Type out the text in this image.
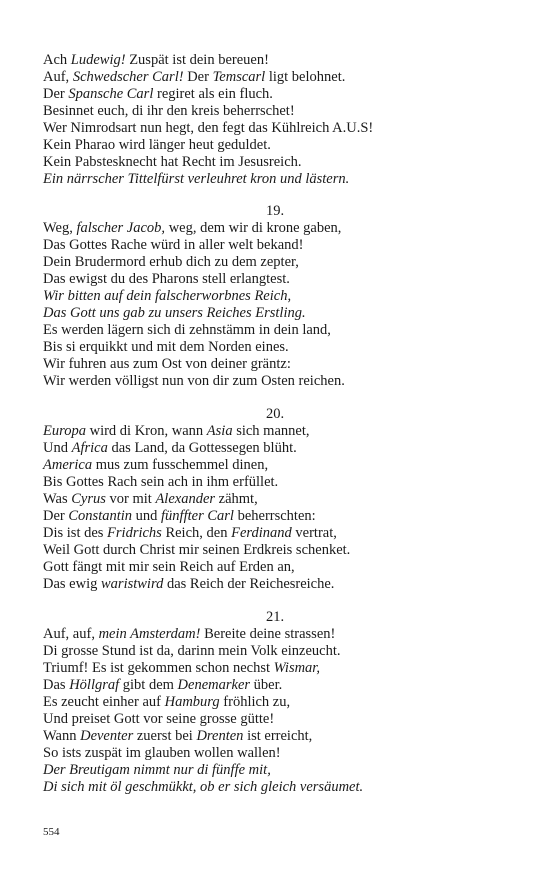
Ach Ludewig! Zuspät ist dein bereuen!
Auf, Schwedscher Carl! Der Temscarl ligt belohnet.
Der Spansche Carl regiret als ein fluch.
Besinnet euch, di ihr den kreis beherrschet!
Wer Nimrodsart nun hegt, den fegt das Kühlreich A.U.S!
Kein Pharao wird länger heut geduldet.
Kein Pabstesknecht hat Recht im Jesusreich.
Ein närrscher Tittelfürst verleuhret kron und lästern.
19.
Weg, falscher Jacob, weg, dem wir di krone gaben,
Das Gottes Rache würd in aller welt bekand!
Dein Brudermord erhub dich zu dem zepter,
Das ewigst du des Pharons stell erlangtest.
Wir bitten auf dein falscherworbnes Reich,
Das Gott uns gab zu unsers Reiches Erstling.
Es werden lägern sich di zehnstämm in dein land,
Bis si erquikkt und mit dem Norden eines.
Wir fuhren aus zum Ost von deiner gräntz:
Wir werden völligst nun von dir zum Osten reichen.
20.
Europa wird di Kron, wann Asia sich mannet,
Und Africa das Land, da Gottessegen blüht.
America mus zum fusschemmel dinen,
Bis Gottes Rach sein ach in ihm erfüllet.
Was Cyrus vor mit Alexander zähmt,
Der Constantin und fünffter Carl beherrschten:
Dis ist des Fridrichs Reich, den Ferdinand vertrat,
Weil Gott durch Christ mir seinen Erdkreis schenket.
Gott fängt mit mir sein Reich auf Erden an,
Das ewig waristwird das Reich der Reichesreiche.
21.
Auf, auf, mein Amsterdam! Bereite deine strassen!
Di grosse Stund ist da, darinn mein Volk einzeucht.
Triumf! Es ist gekommen schon nechst Wismar,
Das Höllgraf gibt dem Denemarker über.
Es zeucht einher auf Hamburg fröhlich zu,
Und preiset Gott vor seine grosse gütte!
Wann Deventer zuerst bei Drenten ist erreicht,
So ists zuspät im glauben wollen wallen!
Der Breutigam nimmt nur di fünffe mit,
Di sich mit öl geschmükkt, ob er sich gleich versäumet.
554
